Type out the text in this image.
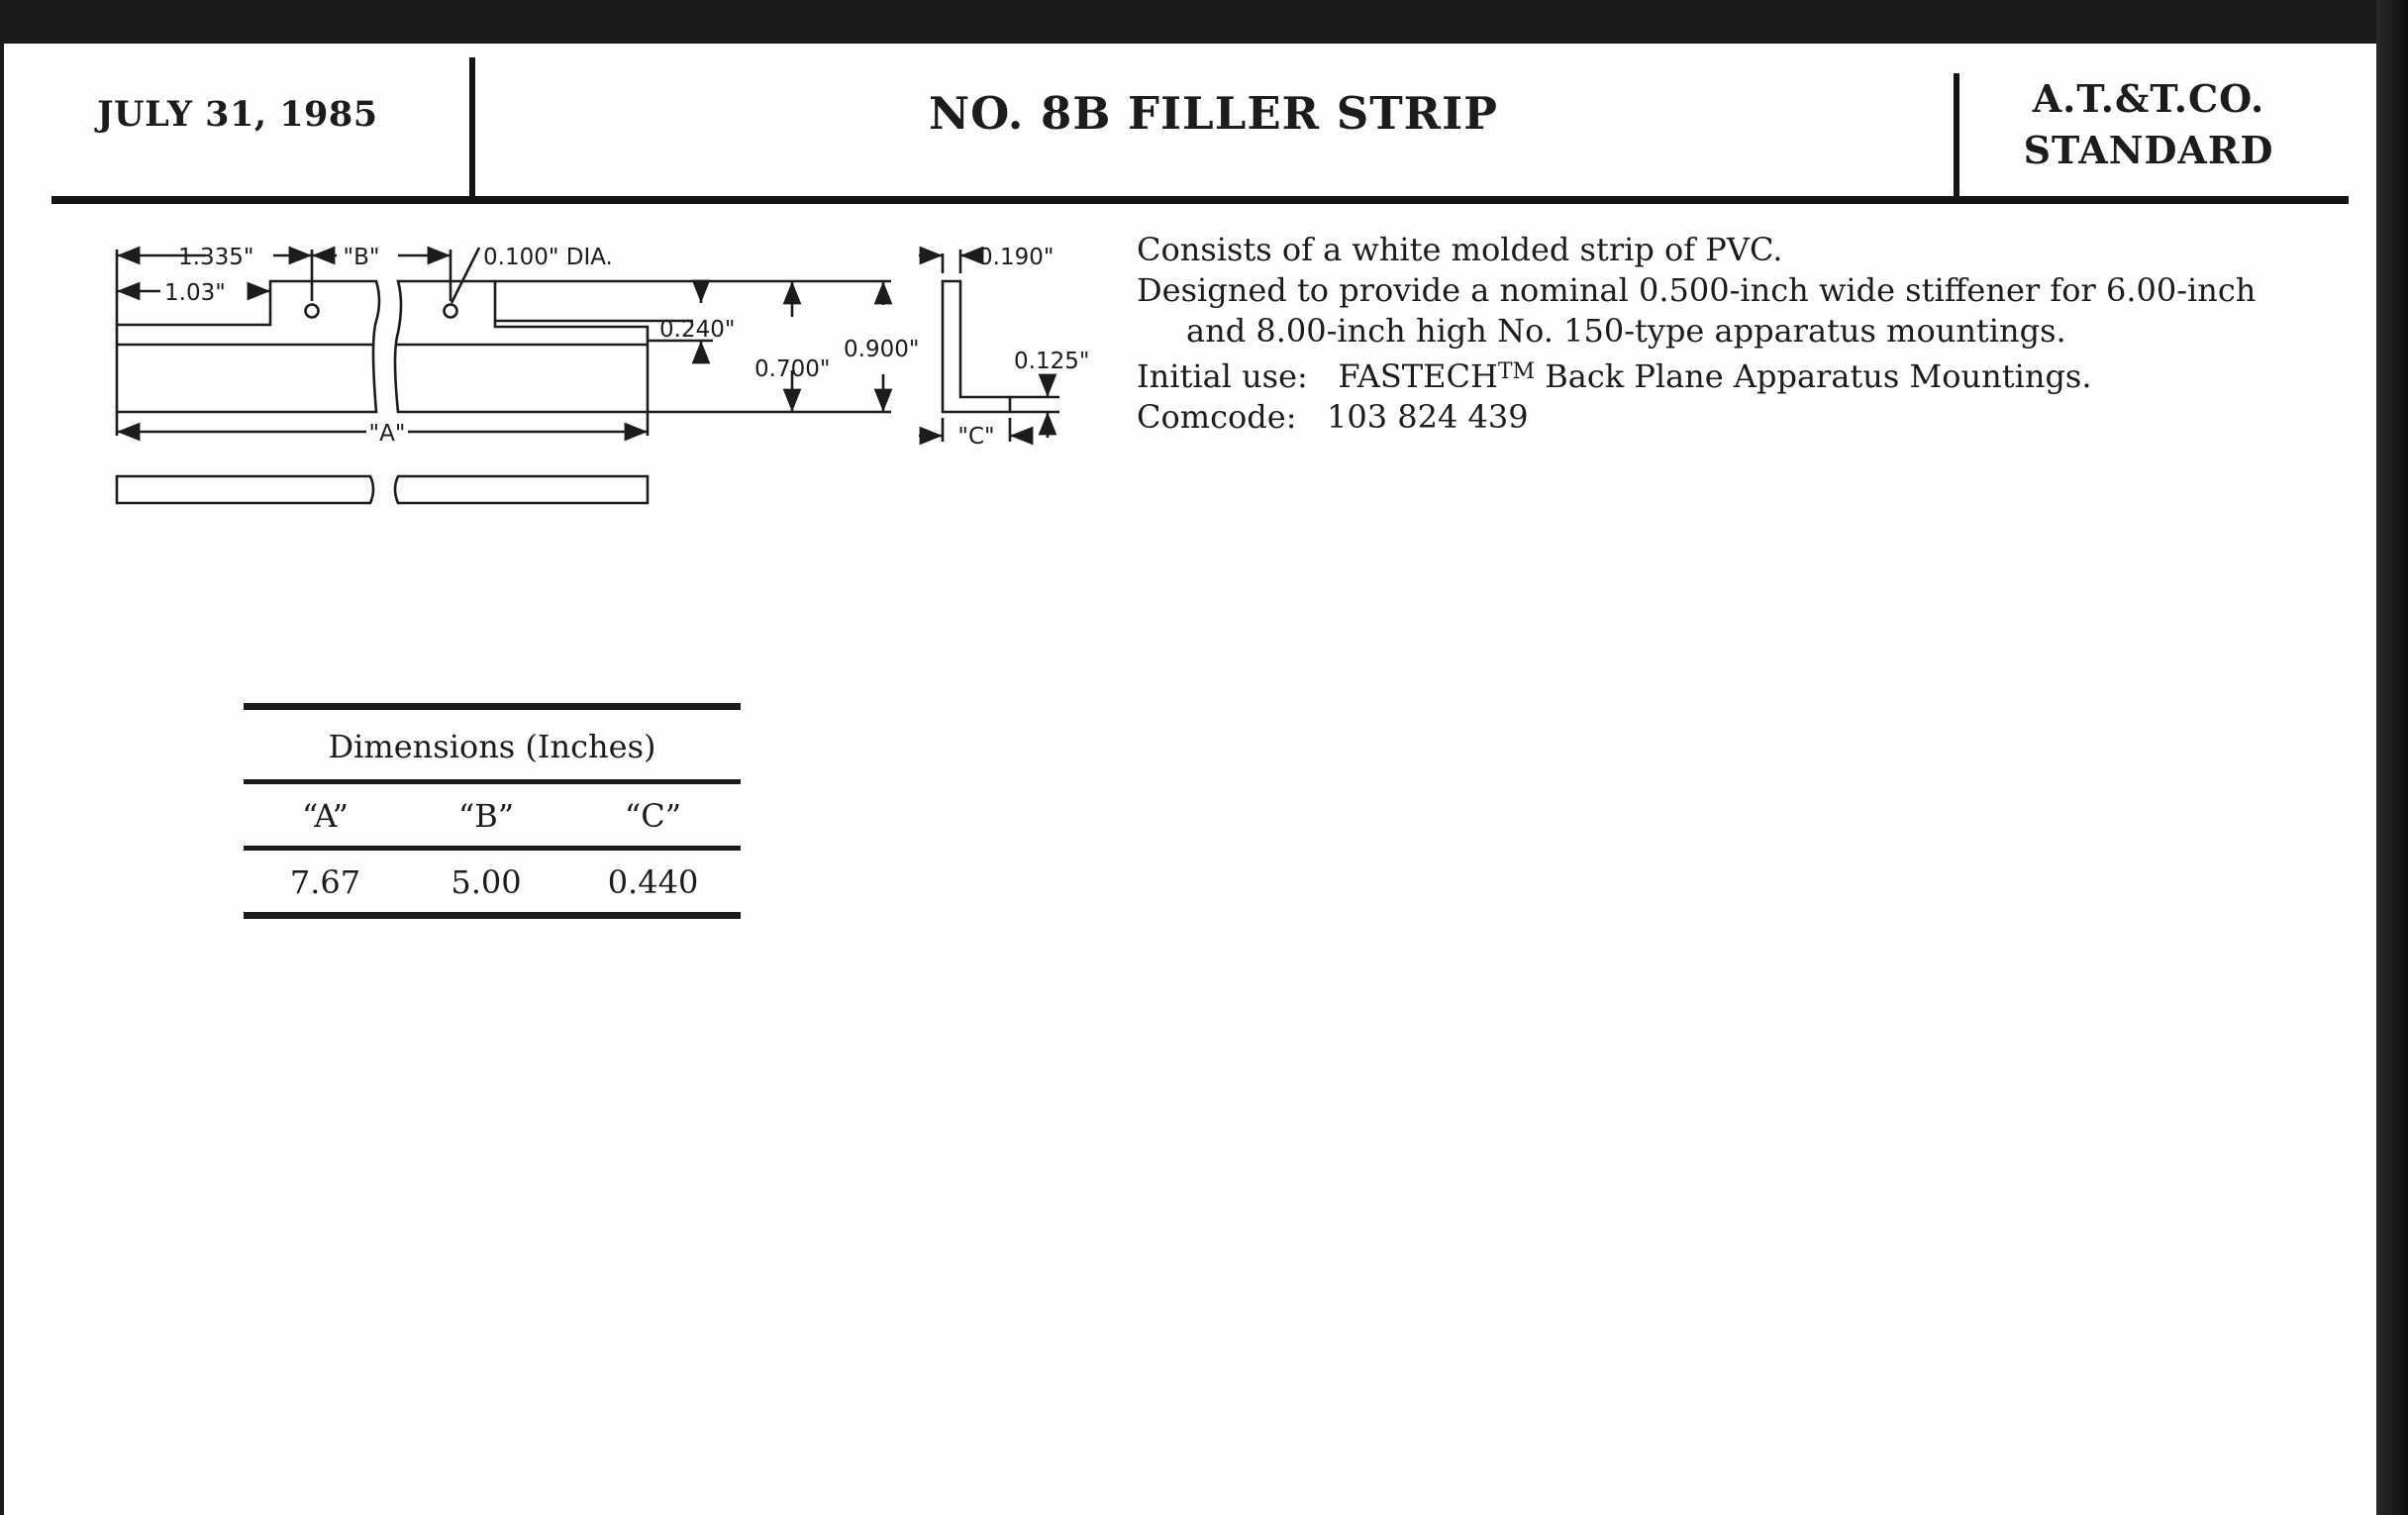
JULY 31, 1985	NO. 8B FILLER STRIP	A.T.&T.CO.
STANDARD
1.335"	"B"	0.100" DIA.
1.03"
0.240"
0.700"
0.900"
"A"
0.190"
0.125"
"C"

Consists of a white molded strip of PVC.

Designed to provide a nominal 0.500-inch wide stiffener for 6.00-inch and 8.00-inch high No. 150-type apparatus mountings.

Initial use: FASTECH™ Back Plane Apparatus Mountings.

Comcode: 103 824 439

Dimensions (Inches)
“A”	“B”	“C”
7.67	5.00	0.440
